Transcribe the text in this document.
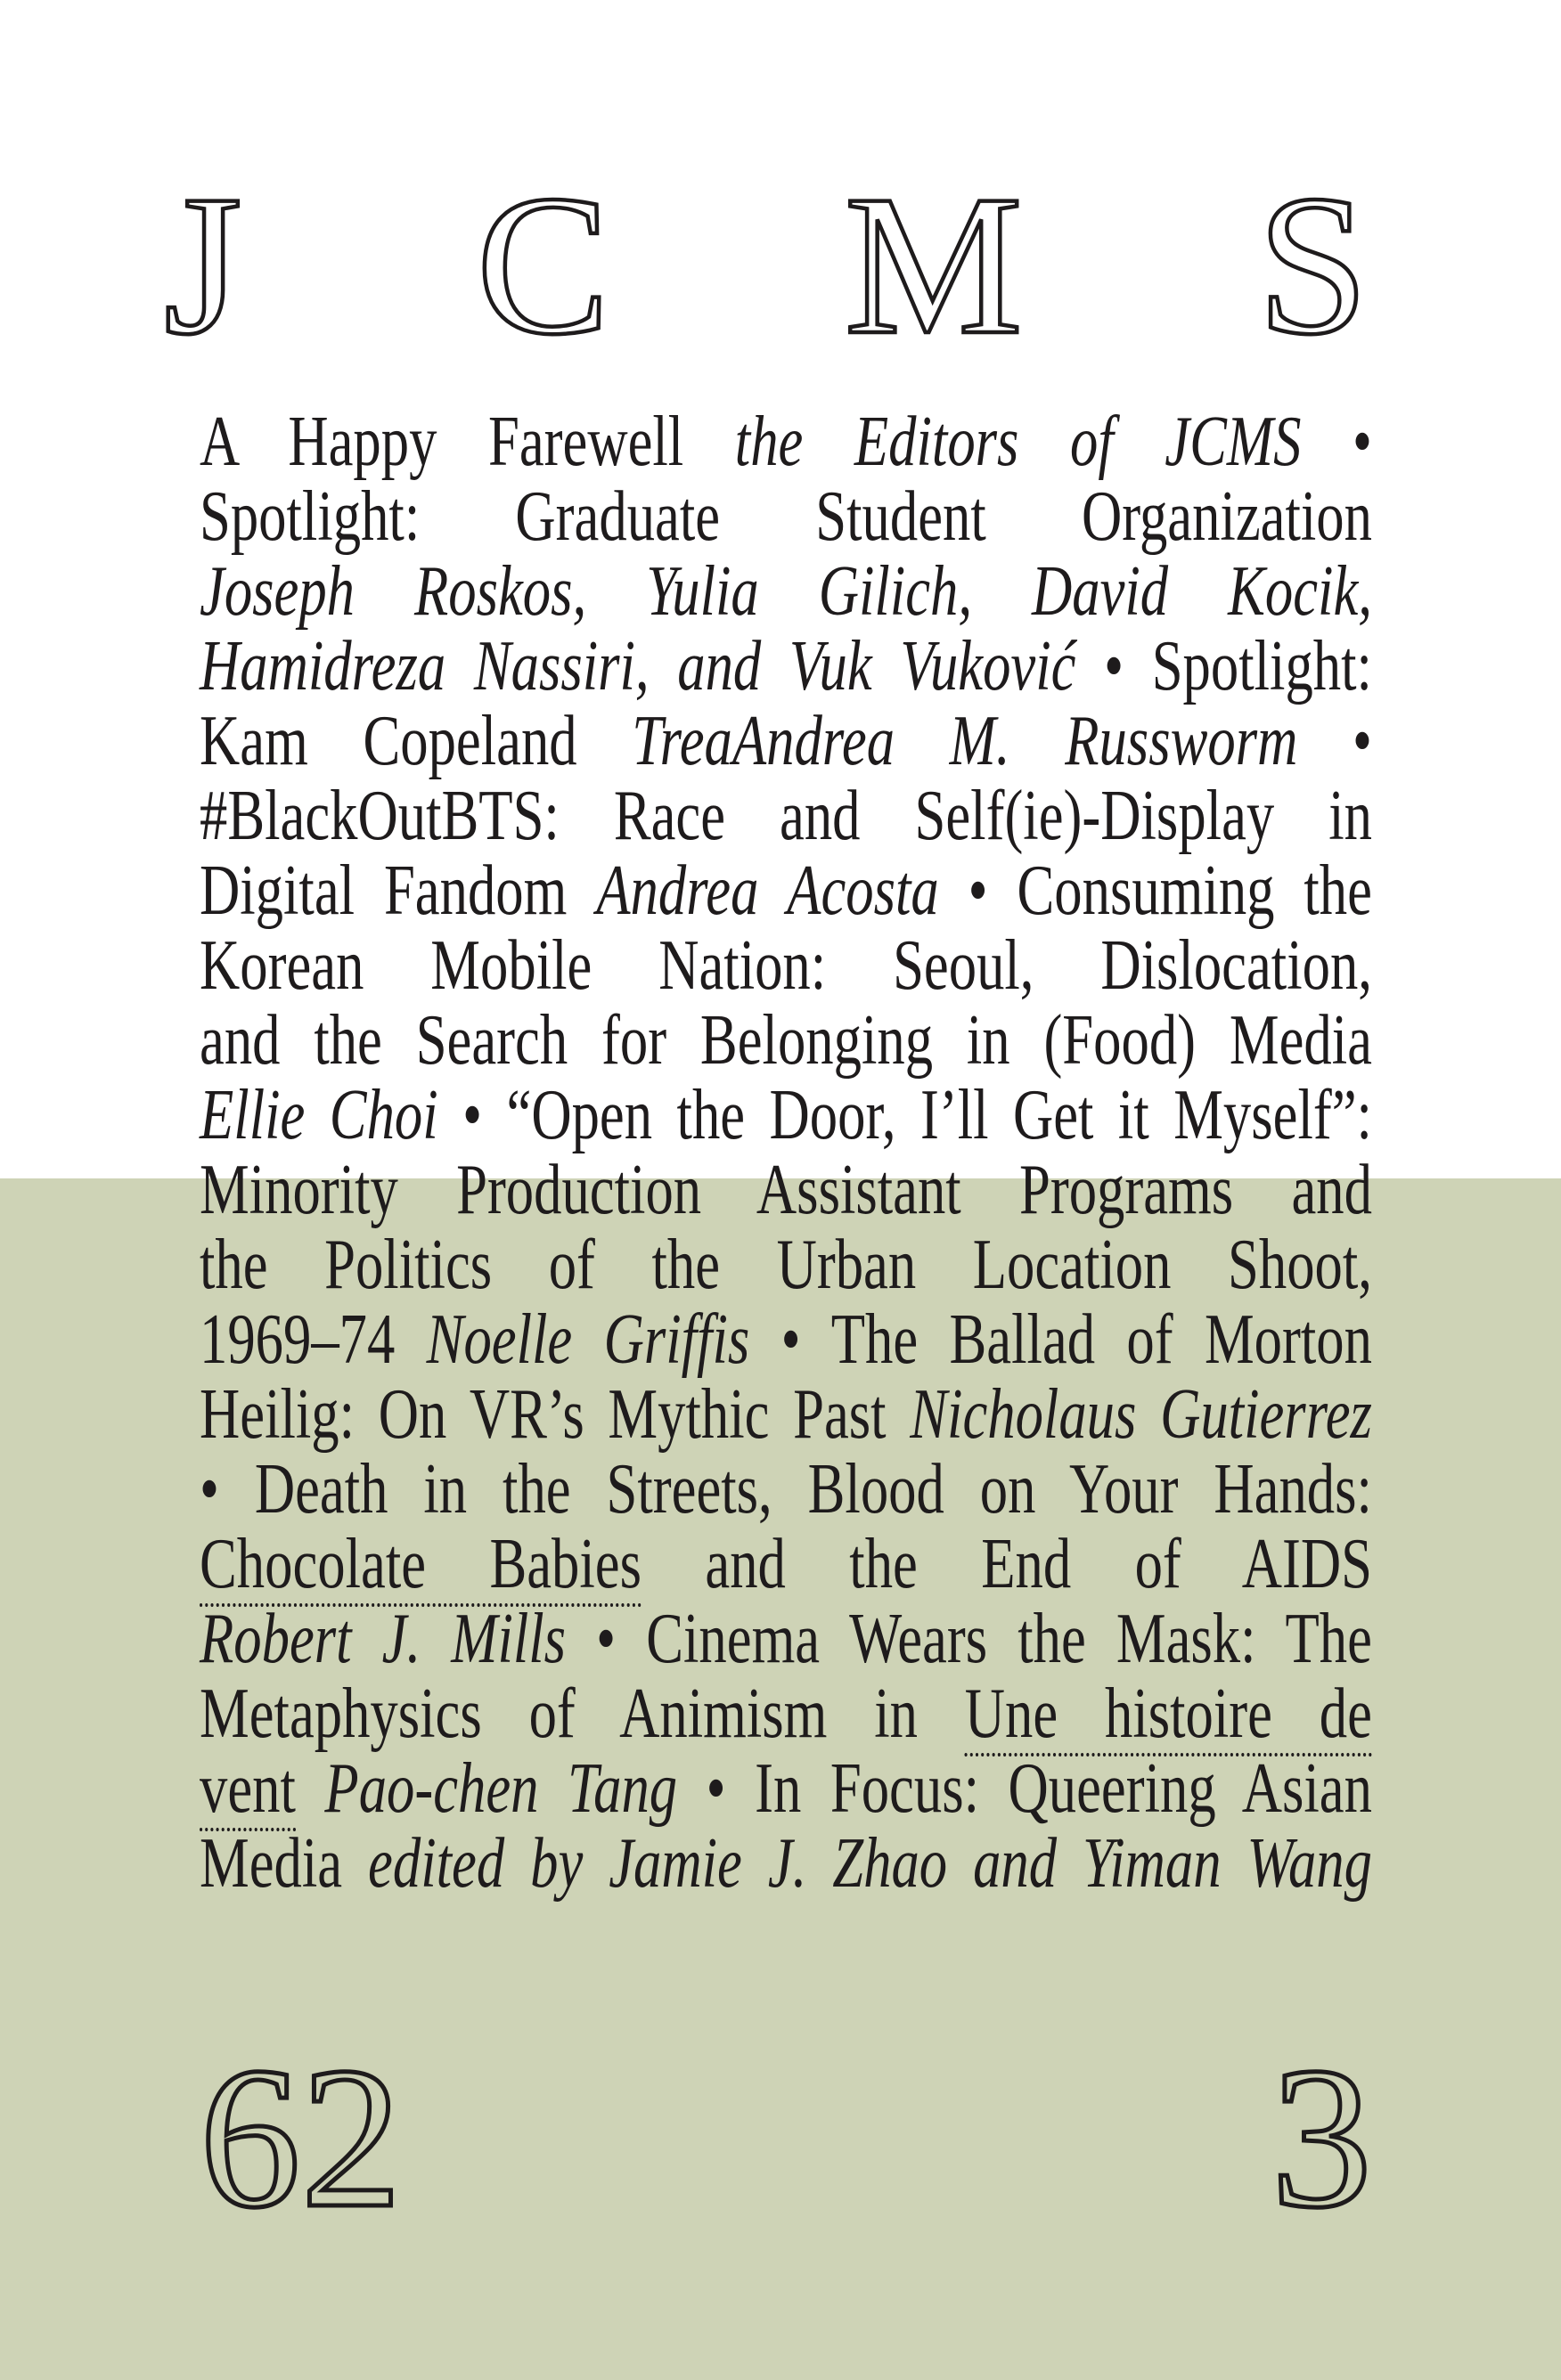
J C M S
A Happy Farewell the Editors of JCMS •
Spotlight: Graduate Student Organization
Joseph Roskos, Yulia Gilich, David Kocik,
Hamidreza Nassiri, and Vuk Vuković • Spotlight:
Kam Copeland TreaAndrea M. Russworm •
#BlackOutBTS: Race and Self(ie)-Display in
Digital Fandom Andrea Acosta • Consuming the
Korean Mobile Nation: Seoul, Dislocation,
and the Search for Belonging in (Food) Media
Ellie Choi • “Open the Door, I’ll Get it Myself”:
Minority Production Assistant Programs and
the Politics of the Urban Location Shoot,
1969–74 Noelle Griffis • The Ballad of Morton
Heilig: On VR’s Mythic Past Nicholaus Gutierrez
• Death in the Streets, Blood on Your Hands:
Chocolate Babies and the End of AIDS
Robert J. Mills • Cinema Wears the Mask: The
Metaphysics of Animism in Une histoire de
vent Pao-chen Tang • In Focus: Queering Asian
Media edited by Jamie J. Zhao and Yiman Wang
62	3
